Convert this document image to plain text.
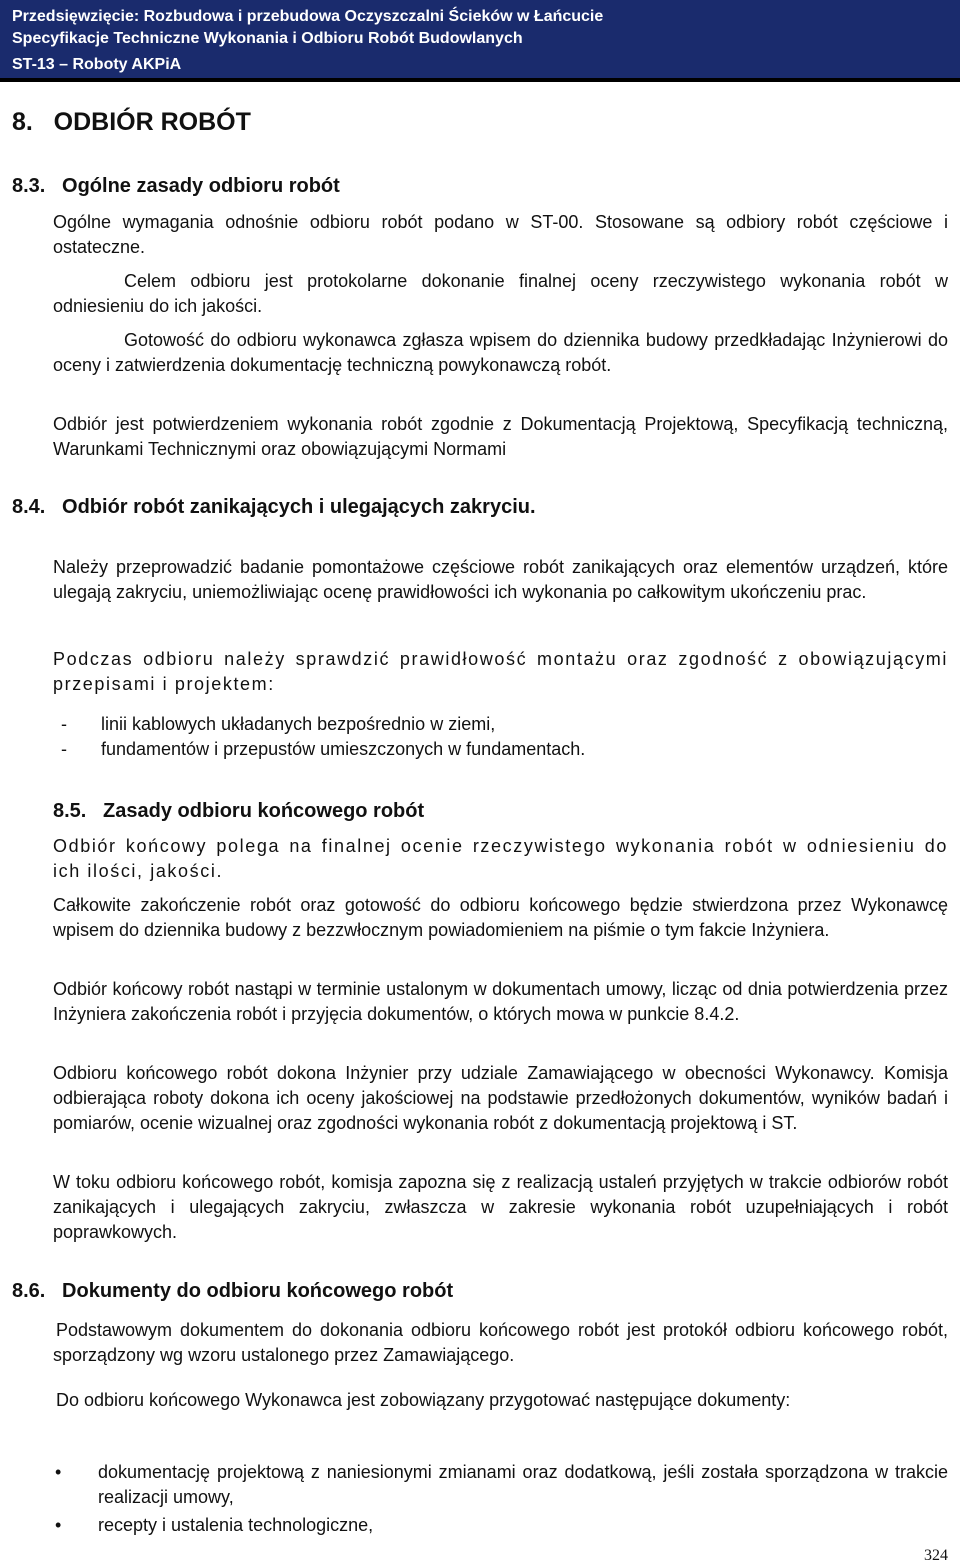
Przedsięwzięcie: Rozbudowa i przebudowa Oczyszczalni Ścieków w Łańcucie
Specyfikacje Techniczne Wykonania i Odbioru Robót Budowlanych
ST-13 – Roboty AKPiA
8.   ODBIÓR ROBÓT
8.3.   Ogólne zasady odbioru robót
Ogólne wymagania odnośnie odbioru robót podano w ST-00. Stosowane są odbiory robót częściowe i ostateczne.
Celem odbioru jest protokolarne dokonanie finalnej oceny rzeczywistego wykonania robót w odniesieniu do ich jakości.
Gotowość do odbioru wykonawca zgłasza wpisem do dziennika budowy przedkładając Inżynierowi do oceny i zatwierdzenia dokumentację techniczną powykonawczą robót.
Odbiór jest potwierdzeniem wykonania robót zgodnie z Dokumentacją Projektową, Specyfikacją techniczną, Warunkami Technicznymi oraz obowiązującymi Normami
8.4.   Odbiór robót zanikających i ulegających zakryciu.
Należy przeprowadzić badanie pomontażowe częściowe robót zanikających oraz elementów urządzeń, które ulegają zakryciu, uniemożliwiając ocenę prawidłowości ich wykonania po całkowitym ukończeniu prac.
Podczas odbioru należy sprawdzić prawidłowość montażu oraz zgodność z obowiązującymi przepisami i projektem:
- linii kablowych układanych bezpośrednio w ziemi,
- fundamentów i przepustów umieszczonych w fundamentach.
8.5.   Zasady odbioru końcowego robót
Odbiór końcowy polega na finalnej ocenie rzeczywistego wykonania robót w odniesieniu do ich ilości, jakości.
Całkowite zakończenie robót oraz gotowość do odbioru końcowego będzie stwierdzona przez Wykonawcę wpisem do dziennika budowy z bezzwłocznym powiadomieniem na piśmie o tym fakcie Inżyniera.
Odbiór końcowy robót nastąpi w terminie ustalonym w dokumentach umowy, licząc od dnia potwierdzenia przez Inżyniera zakończenia robót i przyjęcia dokumentów, o których mowa w punkcie 8.4.2.
Odbioru końcowego robót dokona Inżynier przy udziale Zamawiającego w obecności Wykonawcy. Komisja odbierająca roboty dokona ich oceny jakościowej na podstawie przedłożonych dokumentów, wyników badań i pomiarów, ocenie wizualnej oraz zgodności wykonania robót z dokumentacją projektową i ST.
W toku odbioru końcowego robót, komisja zapozna się z realizacją ustaleń przyjętych w trakcie odbiorów robót zanikających i ulegających zakryciu, zwłaszcza w zakresie wykonania robót uzupełniających i robót poprawkowych.
8.6.   Dokumenty do odbioru końcowego robót
Podstawowym dokumentem do dokonania odbioru końcowego robót jest protokół odbioru końcowego robót, sporządzony wg wzoru ustalonego przez Zamawiającego.
Do odbioru końcowego Wykonawca jest zobowiązany przygotować następujące dokumenty:
• dokumentację projektową z naniesionymi zmianami oraz dodatkową, jeśli została sporządzona w trakcie realizacji umowy,
• recepty i ustalenia technologiczne,
324
